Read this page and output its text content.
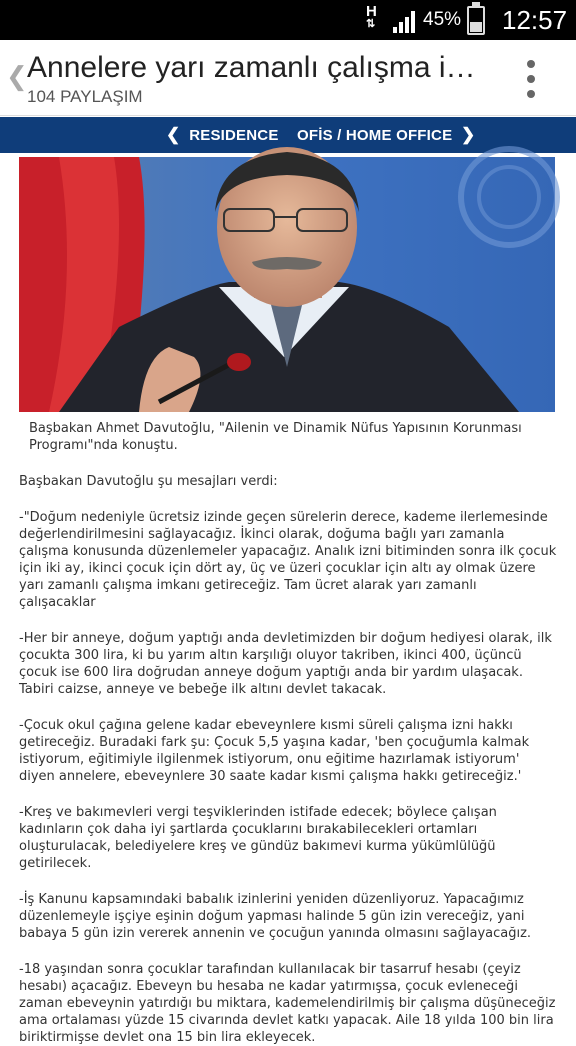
H
⇅	45% 12:57
❮ Annelere yarı zamanlı çalışma i…
104 PAYLAŞIM
❮ RESIDENCE OFİS / HOME OFFICE ❯

Başbakan Ahmet Davutoğlu, "Ailenin ve Dinamik Nüfus Yapısının Korunması Programı"nda konuştu.

Başbakan Davutoğlu şu mesajları verdi:

-"Doğum nedeniyle ücretsiz izinde geçen sürelerin derece, kademe ilerlemesinde değerlendirilmesini sağlayacağız. İkinci olarak, doğuma bağlı yarı zamanla çalışma konusunda düzenlemeler yapacağız. Analık izni bitiminden sonra ilk çocuk için iki ay, ikinci çocuk için dört ay, üç ve üzeri çocuklar için altı ay olmak üzere yarı zamanlı çalışma imkanı getireceğiz. Tam ücret alarak yarı zamanlı çalışacaklar

-Her bir anneye, doğum yaptığı anda devletimizden bir doğum hediyesi olarak, ilk çocukta 300 lira, ki bu yarım altın karşılığı oluyor takriben, ikinci 400, üçüncü çocuk ise 600 lira doğrudan anneye doğum yaptığı anda bir yardım ulaşacak. Tabiri caizse, anneye ve bebeğe ilk altını devlet takacak.

-Çocuk okul çağına gelene kadar ebeveynlere kısmi süreli çalışma izni hakkı getireceğiz. Buradaki fark şu: Çocuk 5,5 yaşına kadar, 'ben çocuğumla kalmak istiyorum, eğitimiyle ilgilenmek istiyorum, onu eğitime hazırlamak istiyorum' diyen annelere, ebeveynlere 30 saate kadar kısmi çalışma hakkı getireceğiz.'

-Kreş ve bakımevleri vergi teşviklerinden istifade edecek; böylece çalışan kadınların çok daha iyi şartlarda çocuklarını bırakabilecekleri ortamları oluşturulacak, belediyelere kreş ve gündüz bakımevi kurma yükümlülüğü getirilecek.

-İş Kanunu kapsamındaki babalık izinlerini yeniden düzenliyoruz. Yapacağımız düzenlemeyle işçiye eşinin doğum yapması halinde 5 gün izin vereceğiz, yani babaya 5 gün izin vererek annenin ve çocuğun yanında olmasını sağlayacağız.

-18 yaşından sonra çocuklar tarafından kullanılacak bir tasarruf hesabı (çeyiz hesabı) açacağız. Ebeveyn bu hesaba ne kadar yatırmışsa, çocuk evleneceği zaman ebeveynin yatırdığı bu miktara, kademelendirilmiş bir çalışma düşüneceğiz ama ortalaması yüzde 15 civarında devlet katkı yapacak. Aile 18 yılda 100 bin lira biriktirmişse devlet ona 15 bin lira ekleyecek.
